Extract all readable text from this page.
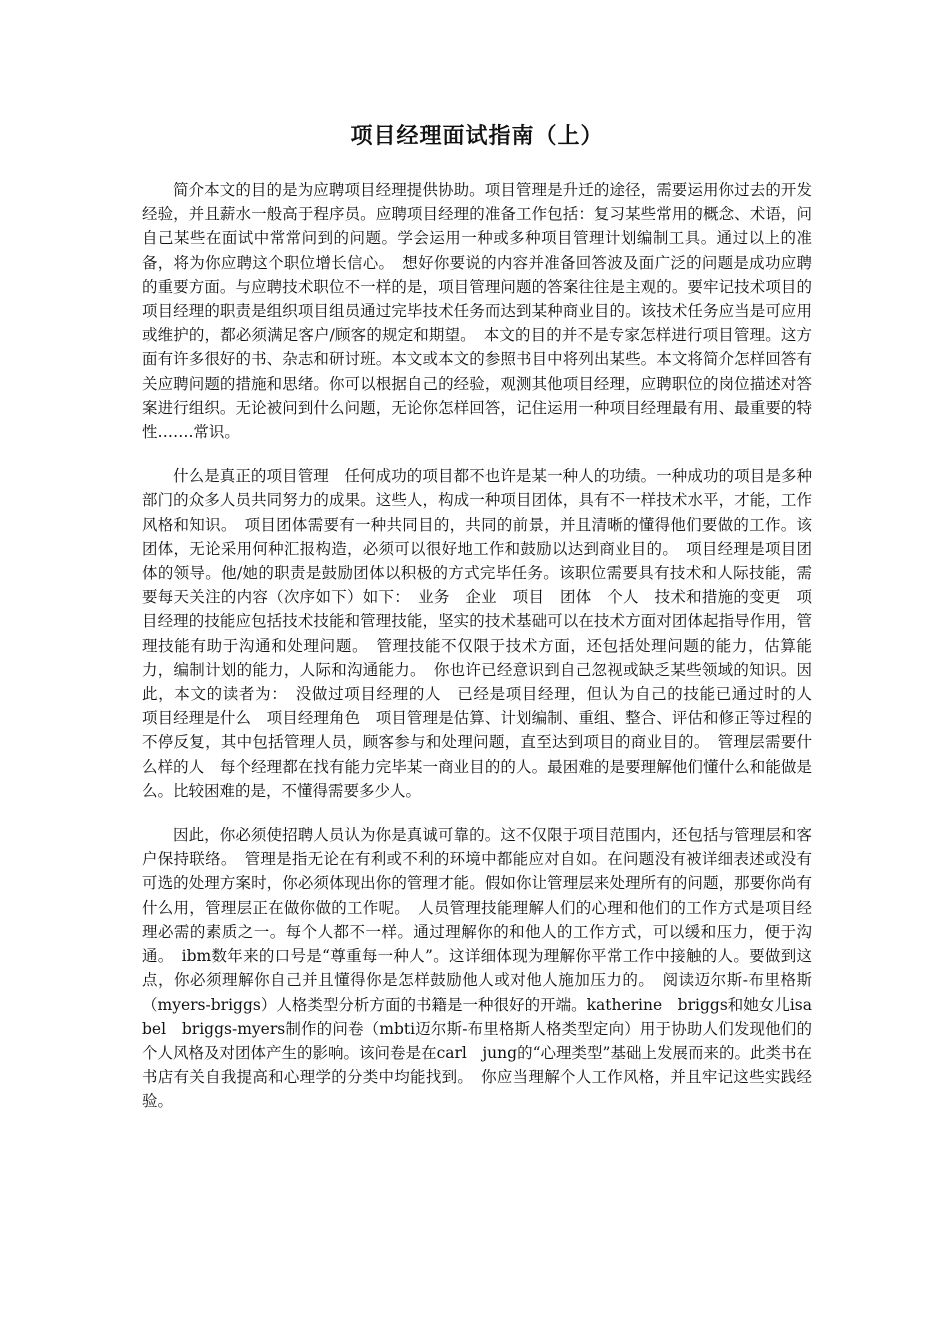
项目经理面试指南（上）

简介本文的目的是为应聘项目经理提供协助。项目管理是升迁的途径，需要运用你过去的开发经验，并且薪水一般高于程序员。应聘项目经理的准备工作包括：复习某些常用的概念、术语，问自己某些在面试中常常问到的问题。学会运用一种或多种项目管理计划编制工具。通过以上的准备，将为你应聘这个职位增长信心。　想好你要说的内容并准备回答波及面广泛的问题是成功应聘的重要方面。与应聘技术职位不一样的是，项目管理问题的答案往往是主观的。要牢记技术项目的项目经理的职责是组织项目组员通过完毕技术任务而达到某种商业目的。该技术任务应当是可应用或维护的，都必须满足客户/顾客的规定和期望。　本文的目的并不是专家怎样进行项目管理。这方面有许多很好的书、杂志和研讨班。本文或本文的参照书目中将列出某些。本文将简介怎样回答有关应聘问题的措施和思绪。你可以根据自己的经验，观测其他项目经理，应聘职位的岗位描述对答案进行组织。无论被问到什么问题，无论你怎样回答，记住运用一种项目经理最有用、最重要的特性…….常识。

什么是真正的项目管理　任何成功的项目都不也许是某一种人的功绩。一种成功的项目是多种部门的众多人员共同努力的成果。这些人，构成一种项目团体，具有不一样技术水平，才能，工作风格和知识。　项目团体需要有一种共同目的，共同的前景，并且清晰的懂得他们要做的工作。该团体，无论采用何种汇报构造，必须可以很好地工作和鼓励以达到商业目的。　项目经理是项目团体的领导。他/她的职责是鼓励团体以积极的方式完毕任务。该职位需要具有技术和人际技能，需要每天关注的内容（次序如下）如下：　业务　企业　项目　团体　个人　技术和措施的变更　项目经理的技能应包括技术技能和管理技能，坚实的技术基础可以在技术方面对团体起指导作用，管理技能有助于沟通和处理问题。　管理技能不仅限于技术方面，还包括处理问题的能力，估算能力，编制计划的能力，人际和沟通能力。　你也许已经意识到自己忽视或缺乏某些领域的知识。因此，本文的读者为：　没做过项目经理的人　已经是项目经理，但认为自己的技能已通过时的人　项目经理是什么　项目经理角色　项目管理是估算、计划编制、重组、整合、评估和修正等过程的不停反复，其中包括管理人员，顾客参与和处理问题，直至达到项目的商业目的。　管理层需要什么样的人　每个经理都在找有能力完毕某一商业目的的人。最困难的是要理解他们懂什么和能做是么。比较困难的是，不懂得需要多少人。

因此，你必须使招聘人员认为你是真诚可靠的。这不仅限于项目范围内，还包括与管理层和客户保持联络。　管理是指无论在有利或不利的环境中都能应对自如。在问题没有被详细表述或没有可选的处理方案时，你必须体现出你的管理才能。假如你让管理层来处理所有的问题，那要你尚有什么用，管理层正在做你做的工作呢。　人员管理技能理解人们的心理和他们的工作方式是项目经理必需的素质之一。每个人都不一样。通过理解你的和他人的工作方式，可以缓和压力，便于沟通。　ibm数年来的口号是“尊重每一种人”。这详细体现为理解你平常工作中接触的人。要做到这点，你必须理解你自己并且懂得你是怎样鼓励他人或对他人施加压力的。　阅读迈尔斯-布里格斯（myers-briggs）人格类型分析方面的书籍是一种很好的开端。katherine　briggs和她女儿isabel　briggs-myers制作的问卷（mbti迈尔斯-布里格斯人格类型定向）用于协助人们发现他们的个人风格及对团体产生的影响。该问卷是在carl　jung的“心理类型”基础上发展而来的。此类书在书店有关自我提高和心理学的分类中均能找到。　你应当理解个人工作风格，并且牢记这些实践经验。
